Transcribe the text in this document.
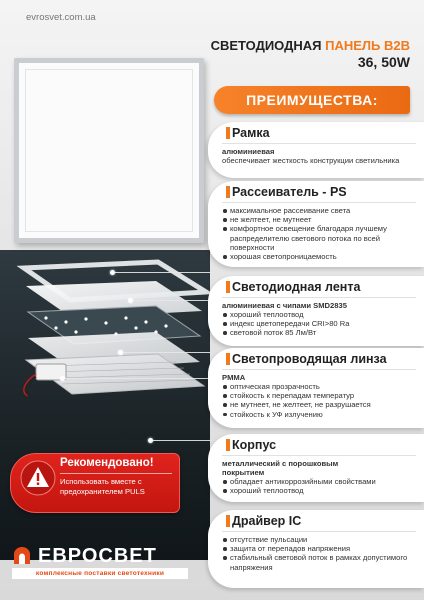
evrosvet.com.ua
СВЕТОДИОДНАЯ ПАНЕЛЬ B2B
36, 50W
ПРЕИМУЩЕСТВА:
Рамка
алюминиевая

обеспечивает жесткость конструкции светильника

Рассеиватель - PS
максимальное рассеивание света
не желтеет, не мутнеет
комфортное освещение благодаря лучшему распределителю светового потока по всей поверхности
хорошая светопроницаемость
Светодиодная лента
алюминиевая с чипами SMD2835
хороший теплоотвод
индекс цветопередачи CRI>80 Ra
световой поток 85 Лм/Вт
Светопроводящая линза
PMMA
оптическая прозрачность
стойкость к перепадам температур
не мутнеет, не желтеет, не разрушается
стойкость к УФ излучению
Корпус
металлический с порошковым покрытием
обладает антикоррозийными свойствами
хороший теплоотвод
Драйвер IC
отсутствие пульсации
защита от перепадов напряжения
стабильный световой поток в рамках допустимого напряжения
Рекомендовано!
Использовать вместе с предохранителем PULS
ЕВРОСВЕТ
комплексные поставки светотехники
